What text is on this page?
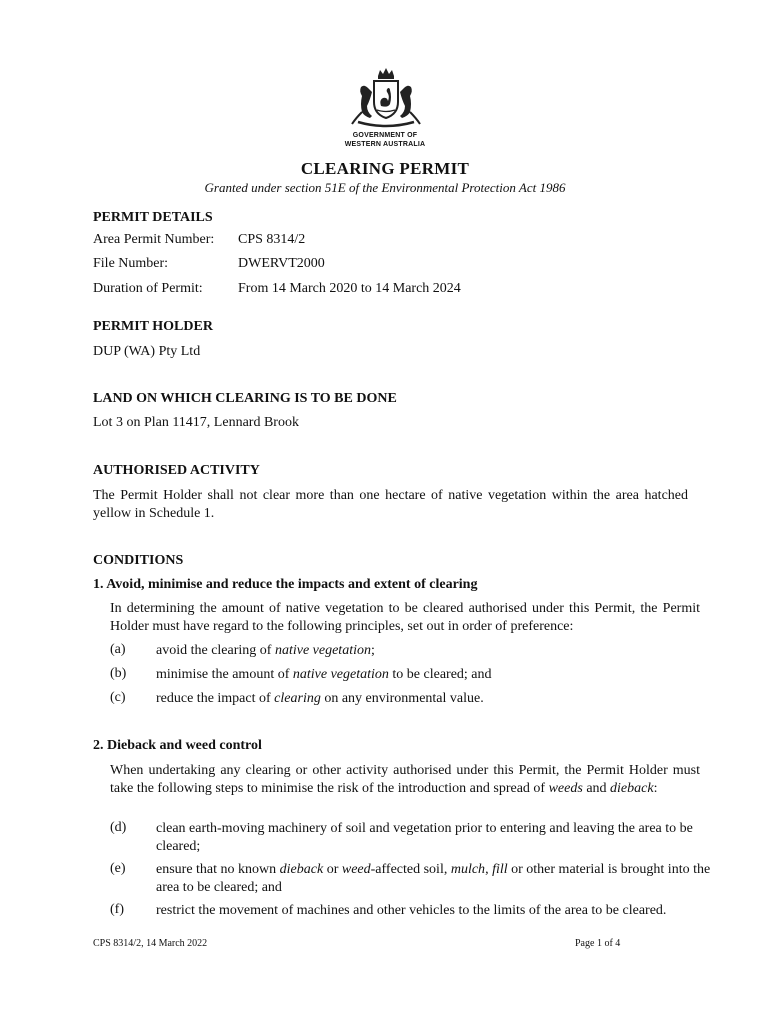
GOVERNMENT OF
WESTERN AUSTRALIA
CLEARING PERMIT
Granted under section 51E of the Environmental Protection Act 1986
PERMIT DETAILS
Area Permit Number: CPS 8314/2
File Number:	DWERVT2000
Duration of Permit:	From 14 March 2020 to 14 March 2024
PERMIT HOLDER
DUP (WA) Pty Ltd
LAND ON WHICH CLEARING IS TO BE DONE
Lot 3 on Plan 11417, Lennard Brook
AUTHORISED ACTIVITY
The Permit Holder shall not clear more than one hectare of native vegetation within the area hatched yellow in Schedule 1.
CONDITIONS
1. Avoid, minimise and reduce the impacts and extent of clearing
In determining the amount of native vegetation to be cleared authorised under this Permit, the Permit Holder must have regard to the following principles, set out in order of preference:
(a) avoid the clearing of native vegetation;
(b) minimise the amount of native vegetation to be cleared; and
(c) reduce the impact of clearing on any environmental value.
2. Dieback and weed control
When undertaking any clearing or other activity authorised under this Permit, the Permit Holder must take the following steps to minimise the risk of the introduction and spread of weeds and dieback:
(d) clean earth-moving machinery of soil and vegetation prior to entering and leaving the area to be cleared;
(e) ensure that no known dieback or weed-affected soil, mulch, fill or other material is brought into the area to be cleared; and
(f) restrict the movement of machines and other vehicles to the limits of the area to be cleared.
CPS 8314/2, 14 March 2022	Page 1 of 4
